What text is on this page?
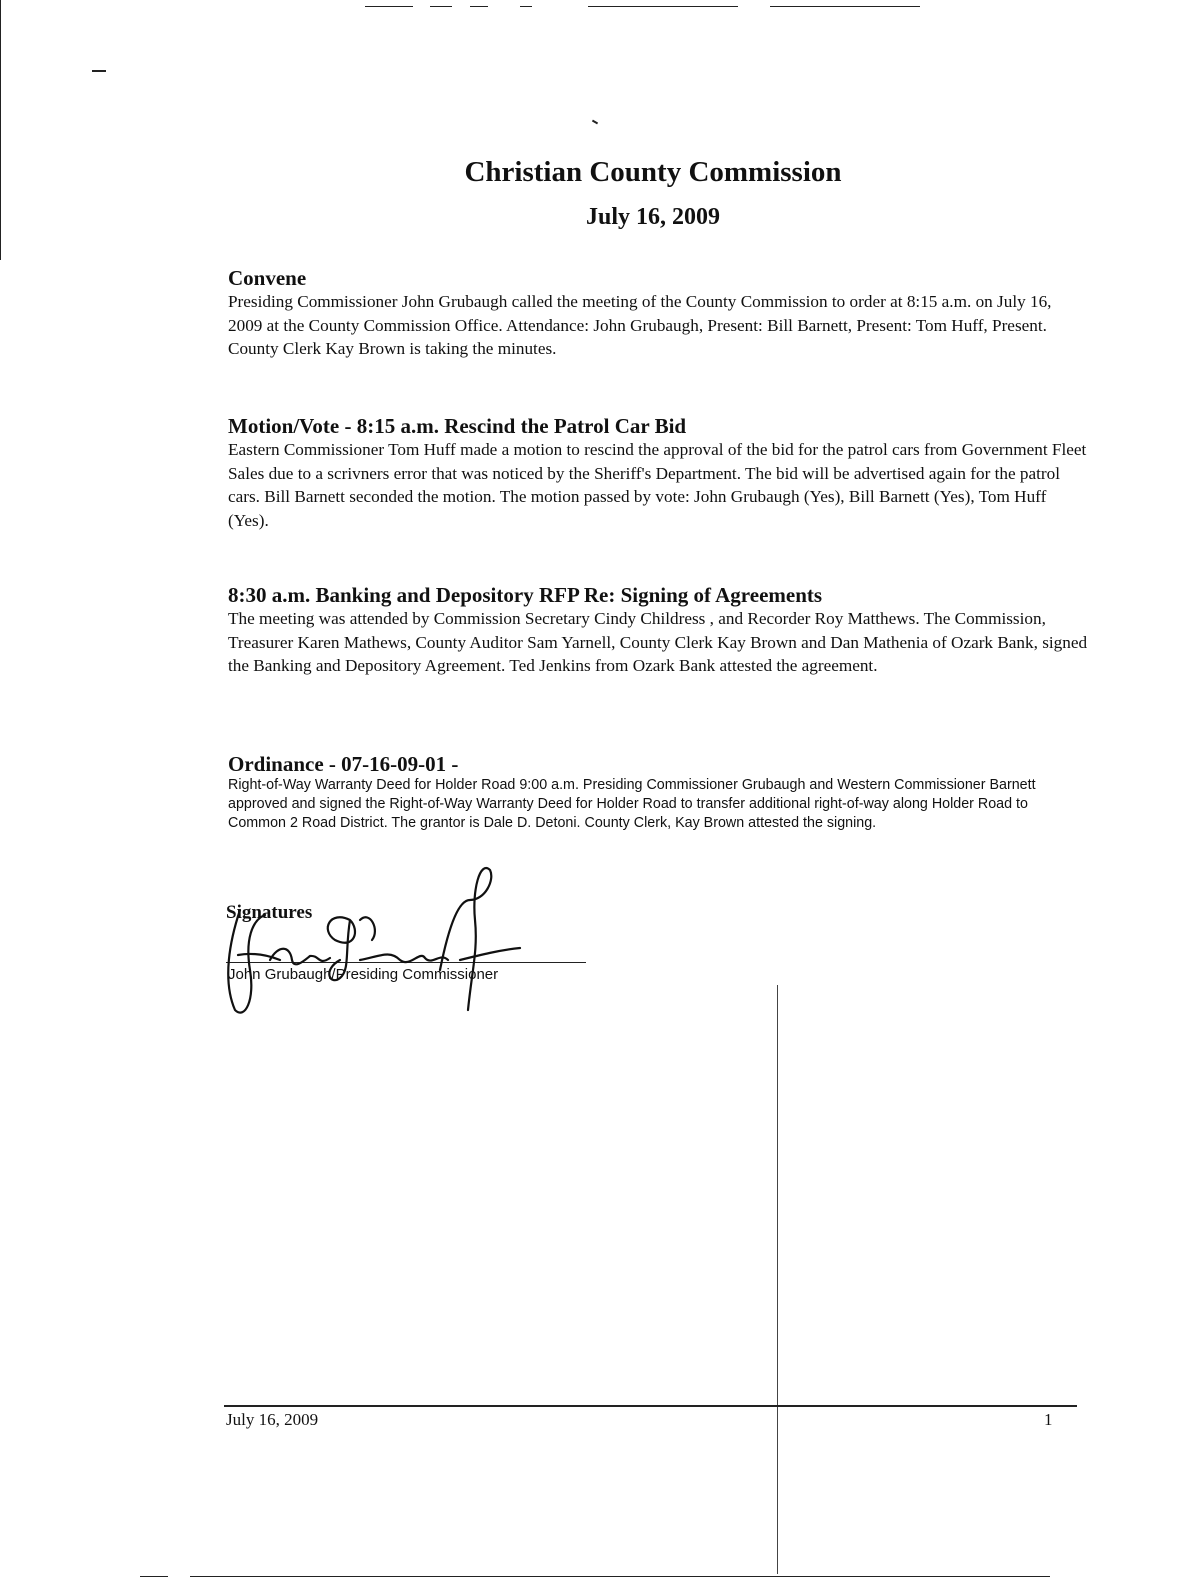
Christian County Commission
July 16, 2009
Convene

Presiding Commissioner John Grubaugh called the meeting of the County Commission to order at 8:15 a.m. on July 16, 2009 at the County Commission Office. Attendance: John Grubaugh, Present: Bill Barnett, Present: Tom Huff, Present. County Clerk Kay Brown is taking the minutes.

Motion/Vote - 8:15 a.m. Rescind the Patrol Car Bid

Eastern Commissioner Tom Huff made a motion to rescind the approval of the bid for the patrol cars from Government Fleet Sales due to a scrivners error that was noticed by the Sheriff's Department. The bid will be advertised again for the patrol cars. Bill Barnett seconded the motion. The motion passed by vote: John Grubaugh (Yes), Bill Barnett (Yes), Tom Huff (Yes).

8:30 a.m. Banking and Depository RFP Re: Signing of Agreements

The meeting was attended by Commission Secretary Cindy Childress , and Recorder Roy Matthews. The Commission, Treasurer Karen Mathews, County Auditor Sam Yarnell, County Clerk Kay Brown and Dan Mathenia of Ozark Bank, signed the Banking and Depository Agreement. Ted Jenkins from Ozark Bank attested the agreement.

Ordinance - 07-16-09-01 -

Right-of-Way Warranty Deed for Holder Road 9:00 a.m. Presiding Commissioner Grubaugh and Western Commissioner Barnett approved and signed the Right-of-Way Warranty Deed for Holder Road to transfer additional right-of-way along Holder Road to Common 2 Road District. The grantor is Dale D. Detoni. County Clerk, Kay Brown attested the signing.

Signatures
John Grubaugh/Presiding Commissioner
July 16, 2009	1
